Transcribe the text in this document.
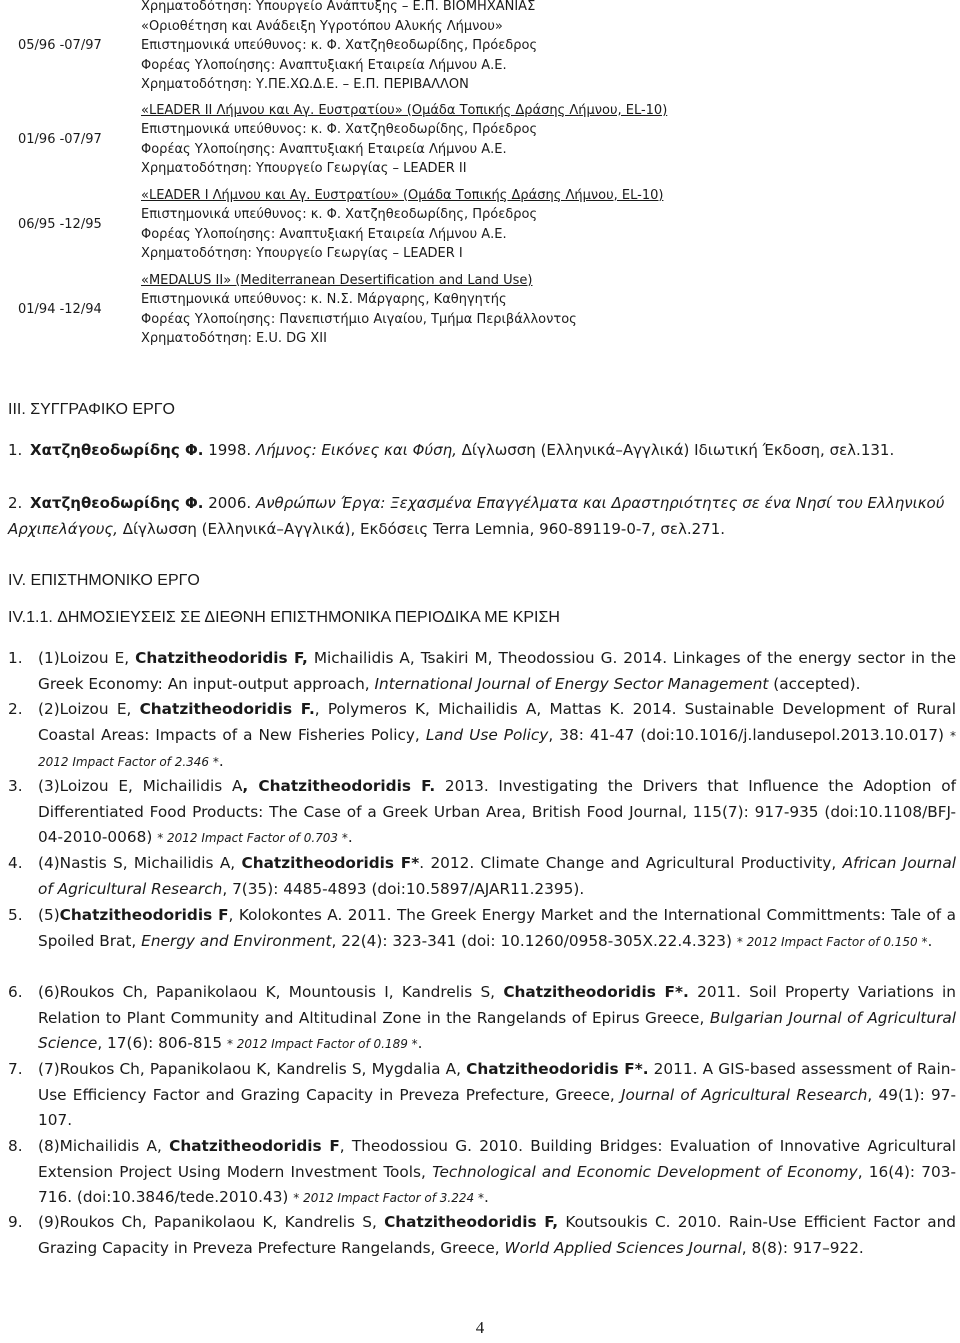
05/96 -07/97
Χρηματοδότηση: Υπουργείο Ανάπτυξης – Ε.Π. ΒΙΟΜΗΧΑΝΙΑΣ
«Οριοθέτηση και Ανάδειξη Υγροτόπου Αλυκής Λήμνου»
Επιστημονικά υπεύθυνος: κ. Φ. Χατζηθεοδωρίδης, Πρόεδρος
Φορέας Υλοποίησης: Αναπτυξιακή Εταιρεία Λήμνου Α.Ε.
Χρηματοδότηση: Υ.ΠΕ.ΧΩ.Δ.Ε. – Ε.Π. ΠΕΡΙΒΑΛΛΟΝ
01/96 -07/97
«LEADER II Λήμνου και Αγ. Ευστρατίου» (Ομάδα Τοπικής Δράσης Λήμνου, EL-10)
Επιστημονικά υπεύθυνος: κ. Φ. Χατζηθεοδωρίδης, Πρόεδρος
Φορέας Υλοποίησης: Αναπτυξιακή Εταιρεία Λήμνου Α.Ε.
Χρηματοδότηση: Υπουργείο Γεωργίας – LEADER II
06/95 -12/95
«LEADER I Λήμνου και Αγ. Ευστρατίου» (Ομάδα Τοπικής Δράσης Λήμνου, EL-10)
Επιστημονικά υπεύθυνος: κ. Φ. Χατζηθεοδωρίδης, Πρόεδρος
Φορέας Υλοποίησης: Αναπτυξιακή Εταιρεία Λήμνου Α.Ε.
Χρηματοδότηση: Υπουργείο Γεωργίας – LEADER I
01/94 -12/94
«MEDALUS II» (Mediterranean Desertification and Land Use)
Επιστημονικά υπεύθυνος: κ. Ν.Σ. Μάργαρης, Καθηγητής
Φορέας Υλοποίησης: Πανεπιστήμιο Αιγαίου, Τμήμα Περιβάλλοντος
Χρηματοδότηση: E.U. DG XII
III. ΣΥΓΓΡΑΦΙΚΟ ΕΡΓΟ
1. Χατζηθεοδωρίδης Φ. 1998. Λήμνος: Εικόνες και Φύση, Δίγλωσση (Ελληνικά–Αγγλικά) Ιδιωτική Έκδοση, σελ.131.
2. Χατζηθεοδωρίδης Φ. 2006. Ανθρώπων Έργα: Ξεχασμένα Επαγγέλματα και Δραστηριότητες σε ένα Νησί του Ελληνικού Αρχιπελάγους, Δίγλωσση (Ελληνικά–Αγγλικά), Εκδόσεις Terra Lemnia, 960-89119-0-7, σελ.271.
IV. ΕΠΙΣΤΗΜΟΝΙΚΟ ΕΡΓΟ
IV.1.1. ΔΗΜΟΣΙΕΥΣΕΙΣ ΣΕ ΔΙΕΘΝΗ ΕΠΙΣΤΗΜΟΝΙΚΑ ΠΕΡΙΟΔΙΚΑ ΜΕ ΚΡΙΣΗ
1.	(1)Loizou E, Chatzitheodoridis F, Michailidis A, Tsakiri M, Theodossiou G. 2014. Linkages of the energy sector in the Greek Economy: An input-output approach, International Journal of Energy Sector Management (accepted).
2.	(2)Loizou E, Chatzitheodoridis F., Polymeros K, Michailidis A, Mattas K. 2014. Sustainable Development of Rural Coastal Areas: Impacts of a New Fisheries Policy, Land Use Policy, 38: 41-47 (doi:10.1016/j.landusepol.2013.10.017) * 2012 Impact Factor of 2.346 *.
3.	(3)Loizou E, Michailidis A, Chatzitheodoridis F. 2013. Investigating the Drivers that Influence the Adoption of Differentiated Food Products: The Case of a Greek Urban Area, British Food Journal, 115(7): 917-935 (doi:10.1108/BFJ-04-2010-0068) * 2012 Impact Factor of 0.703 *.
4.	(4)Nastis S, Michailidis A, Chatzitheodoridis F*. 2012. Climate Change and Agricultural Productivity, African Journal of Agricultural Research, 7(35): 4485-4893 (doi:10.5897/AJAR11.2395).
5.	(5)Chatzitheodoridis F, Kolokontes A. 2011. The Greek Energy Market and the International Committments: Tale of a Spoiled Brat, Energy and Environment, 22(4): 323-341 (doi: 10.1260/0958-305X.22.4.323) * 2012 Impact Factor of 0.150 *.
6.	(6)Roukos Ch, Papanikolaou K, Mountousis I, Kandrelis S, Chatzitheodoridis F*. 2011. Soil Property Variations in Relation to Plant Community and Altitudinal Zone in the Rangelands of Epirus Greece, Bulgarian Journal of Agricultural Science, 17(6): 806-815 * 2012 Impact Factor of 0.189 *.
7.	(7)Roukos Ch, Papanikolaou K, Kandrelis S, Mygdalia A, Chatzitheodoridis F*. 2011. A GIS-based assessment of Rain-Use Efficiency Factor and Grazing Capacity in Preveza Prefecture, Greece, Journal of Agricultural Research, 49(1): 97-107.
8.	(8)Michailidis A, Chatzitheodoridis F, Theodossiou G. 2010. Building Bridges: Evaluation of Innovative Agricultural Extension Project Using Modern Investment Tools, Technological and Economic Development of Economy, 16(4): 703-716. (doi:10.3846/tede.2010.43) * 2012 Impact Factor of 3.224 *.
9.	(9)Roukos Ch, Papanikolaou K, Kandrelis S, Chatzitheodoridis F, Koutsoukis C. 2010. Rain-Use Efficient Factor and Grazing Capacity in Preveza Prefecture Rangelands, Greece, World Applied Sciences Journal, 8(8): 917–922.
4
